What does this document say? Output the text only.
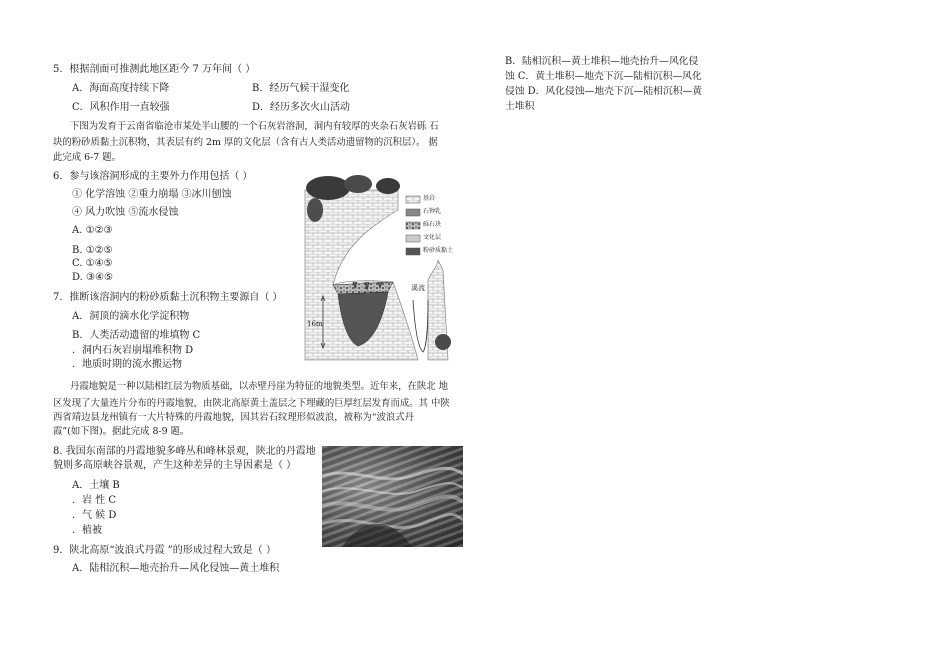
5．根据剖面可推测此地区距今 7 万年间（ ）
A．海面高度持续下降	B．经历气候干湿变化
C．风积作用一直较强	D．经历多次火山活动
下图为发育于云南省临沧市某处半山腰的一个石灰岩溶洞，洞内有较厚的夹杂石灰岩砾 石
块的粉砂质黏土沉积物，其表层有约 2m 厚的文化层（含有古人类活动遗留物的沉积层）。 据
此完成 6-7 题。
6．参与该溶洞形成的主要外力作用包括（ ）
① 化学溶蚀 ②重力崩塌 ③冰川刨蚀
④ 风力吹蚀 ⑤流水侵蚀
A. ①②③
B. ①②⑤
C. ①④⑤
D. ③④⑤
7．推断该溶洞内的粉砂质黏土沉积物主要源自（ ）
A．洞顶的滴水化学淀积物
B．人类活动遗留的堆填物 C
．洞内石灰岩崩塌堆积物 D
．地质时期的流水搬运物
基岩
石钟乳
砾石块
文化层
粉砂质黏土
溪流
16m
丹霞地貌是一种以陆相红层为物质基础，以赤壁丹崖为特征的地貌类型。近年来，在陕北 地
区发现了大量连片分布的丹霞地貌，由陕北高原黄土盖层之下埋藏的巨厚红层发育而成。其 中陕
西省靖边县龙州镇有一大片特殊的丹霞地貌，因其岩石纹理形似波浪，被称为“波浪式丹
霞”(如下图)。据此完成 8-9 题。
8. 我国东南部的丹霞地貌多峰丛和峰林景观，陕北的丹霞地
貌则多高原峡谷景观，产生这种差异的主导因素是（ ）
A．土壤 B
．岩 性 C
．气 候 D
．植被
9．陕北高原“波浪式丹霞 ”的形成过程大致是（ ）
A．陆相沉积—地壳抬升—风化侵蚀—黄土堆积
B．陆相沉积—黄土堆积—地壳抬升—风化侵
蚀 C．黄土堆积—地壳下沉—陆相沉积—风化
侵蚀 D．风化侵蚀—地壳下沉—陆相沉积—黄
土堆积
